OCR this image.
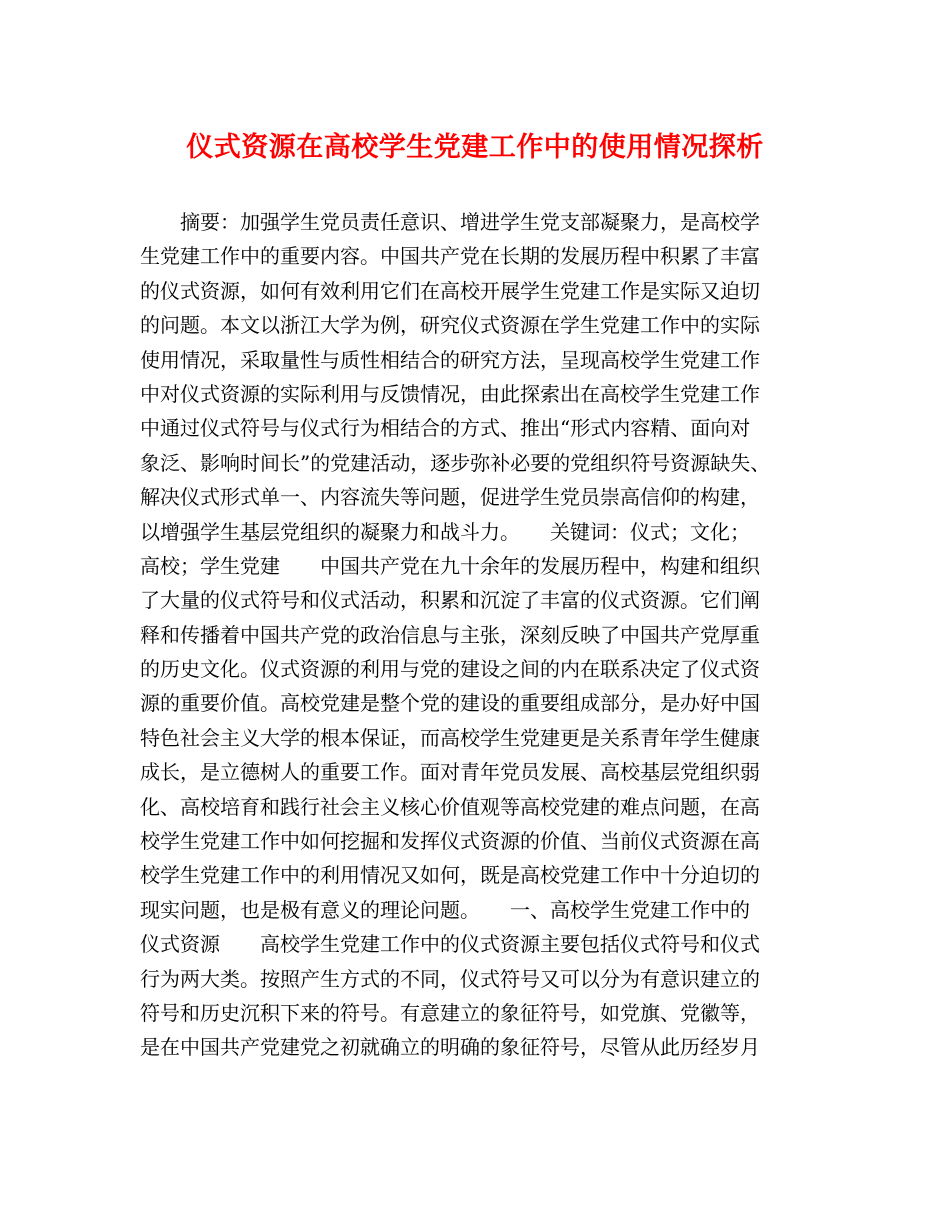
仪式资源在高校学生党建工作中的使用情况探析

　　摘要：加强学生党员责任意识、增进学生党支部凝聚力，是高校学

生党建工作中的重要内容。中国共产党在长期的发展历程中积累了丰富

的仪式资源，如何有效利用它们在高校开展学生党建工作是实际又迫切

的问题。本文以浙江大学为例，研究仪式资源在学生党建工作中的实际

使用情况，采取量性与质性相结合的研究方法，呈现高校学生党建工作

中对仪式资源的实际利用与反馈情况，由此探索出在高校学生党建工作

中通过仪式符号与仪式行为相结合的方式、推出“形式内容精、面向对

象泛、影响时间长”的党建活动，逐步弥补必要的党组织符号资源缺失、

解决仪式形式单一、内容流失等问题，促进学生党员崇高信仰的构建，

以增强学生基层党组织的凝聚力和战斗力。　　关键词：仪式；文化；

高校；学生党建　　中国共产党在九十余年的发展历程中，构建和组织

了大量的仪式符号和仪式活动，积累和沉淀了丰富的仪式资源。它们阐

释和传播着中国共产党的政治信息与主张，深刻反映了中国共产党厚重

的历史文化。仪式资源的利用与党的建设之间的内在联系决定了仪式资

源的重要价值。高校党建是整个党的建设的重要组成部分，是办好中国

特色社会主义大学的根本保证，而高校学生党建更是关系青年学生健康

成长，是立德树人的重要工作。面对青年党员发展、高校基层党组织弱

化、高校培育和践行社会主义核心价值观等高校党建的难点问题，在高

校学生党建工作中如何挖掘和发挥仪式资源的价值、当前仪式资源在高

校学生党建工作中的利用情况又如何，既是高校党建工作中十分迫切的

现实问题，也是极有意义的理论问题。　　一、高校学生党建工作中的

仪式资源　　高校学生党建工作中的仪式资源主要包括仪式符号和仪式

行为两大类。按照产生方式的不同，仪式符号又可以分为有意识建立的

符号和历史沉积下来的符号。有意建立的象征符号，如党旗、党徽等，

是在中国共产党建党之初就确立的明确的象征符号，尽管从此历经岁月
